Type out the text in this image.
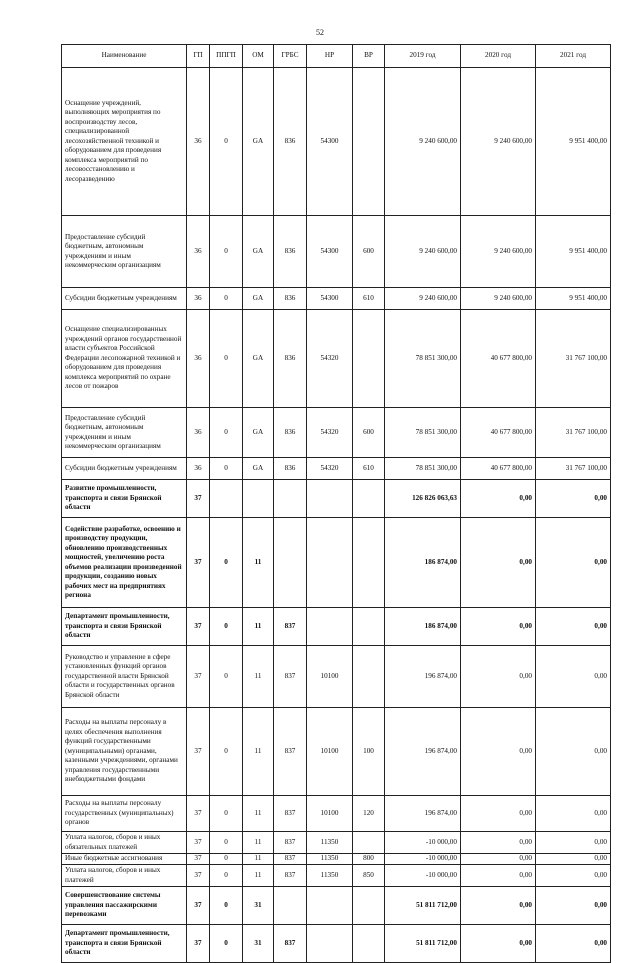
52
Наименование	ГП	ППГП	ОМ	ГРБС	НР	ВР	2019 год	2020 год	2021 год
Оснащение учреждений, выполняющих мероприятия по воспроизводству лесов, специализированной лесохозяйственной техникой и оборудованием для проведения комплекса мероприятий по лесовосстановлению и лесоразведению	36	0	GA	836	54300		9 240 600,00	9 240 600,00	9 951 400,00
Предоставление субсидий бюджетным, автономным учреждениям и иным некоммерческим организациям	36	0	GA	836	54300	600	9 240 600,00	9 240 600,00	9 951 400,00
Субсидии бюджетным учреждениям	36	0	GA	836	54300	610	9 240 600,00	9 240 600,00	9 951 400,00
Оснащение специализированных учреждений органов государственной власти субъектов Российской Федерации лесопожарной техникой и оборудованием для проведения комплекса мероприятий по охране лесов от пожаров	36	0	GA	836	54320		78 851 300,00	40 677 800,00	31 767 100,00
Предоставление субсидий бюджетным, автономным учреждениям и иным некоммерческим организациям	36	0	GA	836	54320	600	78 851 300,00	40 677 800,00	31 767 100,00
Субсидии бюджетным учреждениям	36	0	GA	836	54320	610	78 851 300,00	40 677 800,00	31 767 100,00
Развитие промышленности, транспорта и связи Брянской области	37						126 826 063,63	0,00	0,00
Содействие разработке, освоению и производству продукции, обновлению производственных мощностей, увеличению роста объемов реализации произведенной продукции, созданию новых рабочих мест на предприятиях региона	37	0	11				186 874,00	0,00	0,00
Департамент промышленности, транспорта и связи Брянской области	37	0	11	837			186 874,00	0,00	0,00
Руководство и управление в сфере установленных функций органов государственной власти Брянской области и государственных органов Брянской области	37	0	11	837	10100		196 874,00	0,00	0,00
Расходы на выплаты персоналу в целях обеспечения выполнения функций государственными (муниципальными) органами, казенными учреждениями, органами управления государственными внебюджетными фондами	37	0	11	837	10100	100	196 874,00	0,00	0,00
Расходы на выплаты персоналу государственных (муниципальных) органов	37	0	11	837	10100	120	196 874,00	0,00	0,00
Уплата налогов, сборов и иных обязательных платежей	37	0	11	837	11350		-10 000,00	0,00	0,00
Иные бюджетные ассигнования	37	0	11	837	11350	800	-10 000,00	0,00	0,00
Уплата налогов, сборов и иных платежей	37	0	11	837	11350	850	-10 000,00	0,00	0,00
Совершенствование системы управления пассажирскими перевозками	37	0	31				51 811 712,00	0,00	0,00
Департамент промышленности, транспорта и связи Брянской области	37	0	31	837			51 811 712,00	0,00	0,00
